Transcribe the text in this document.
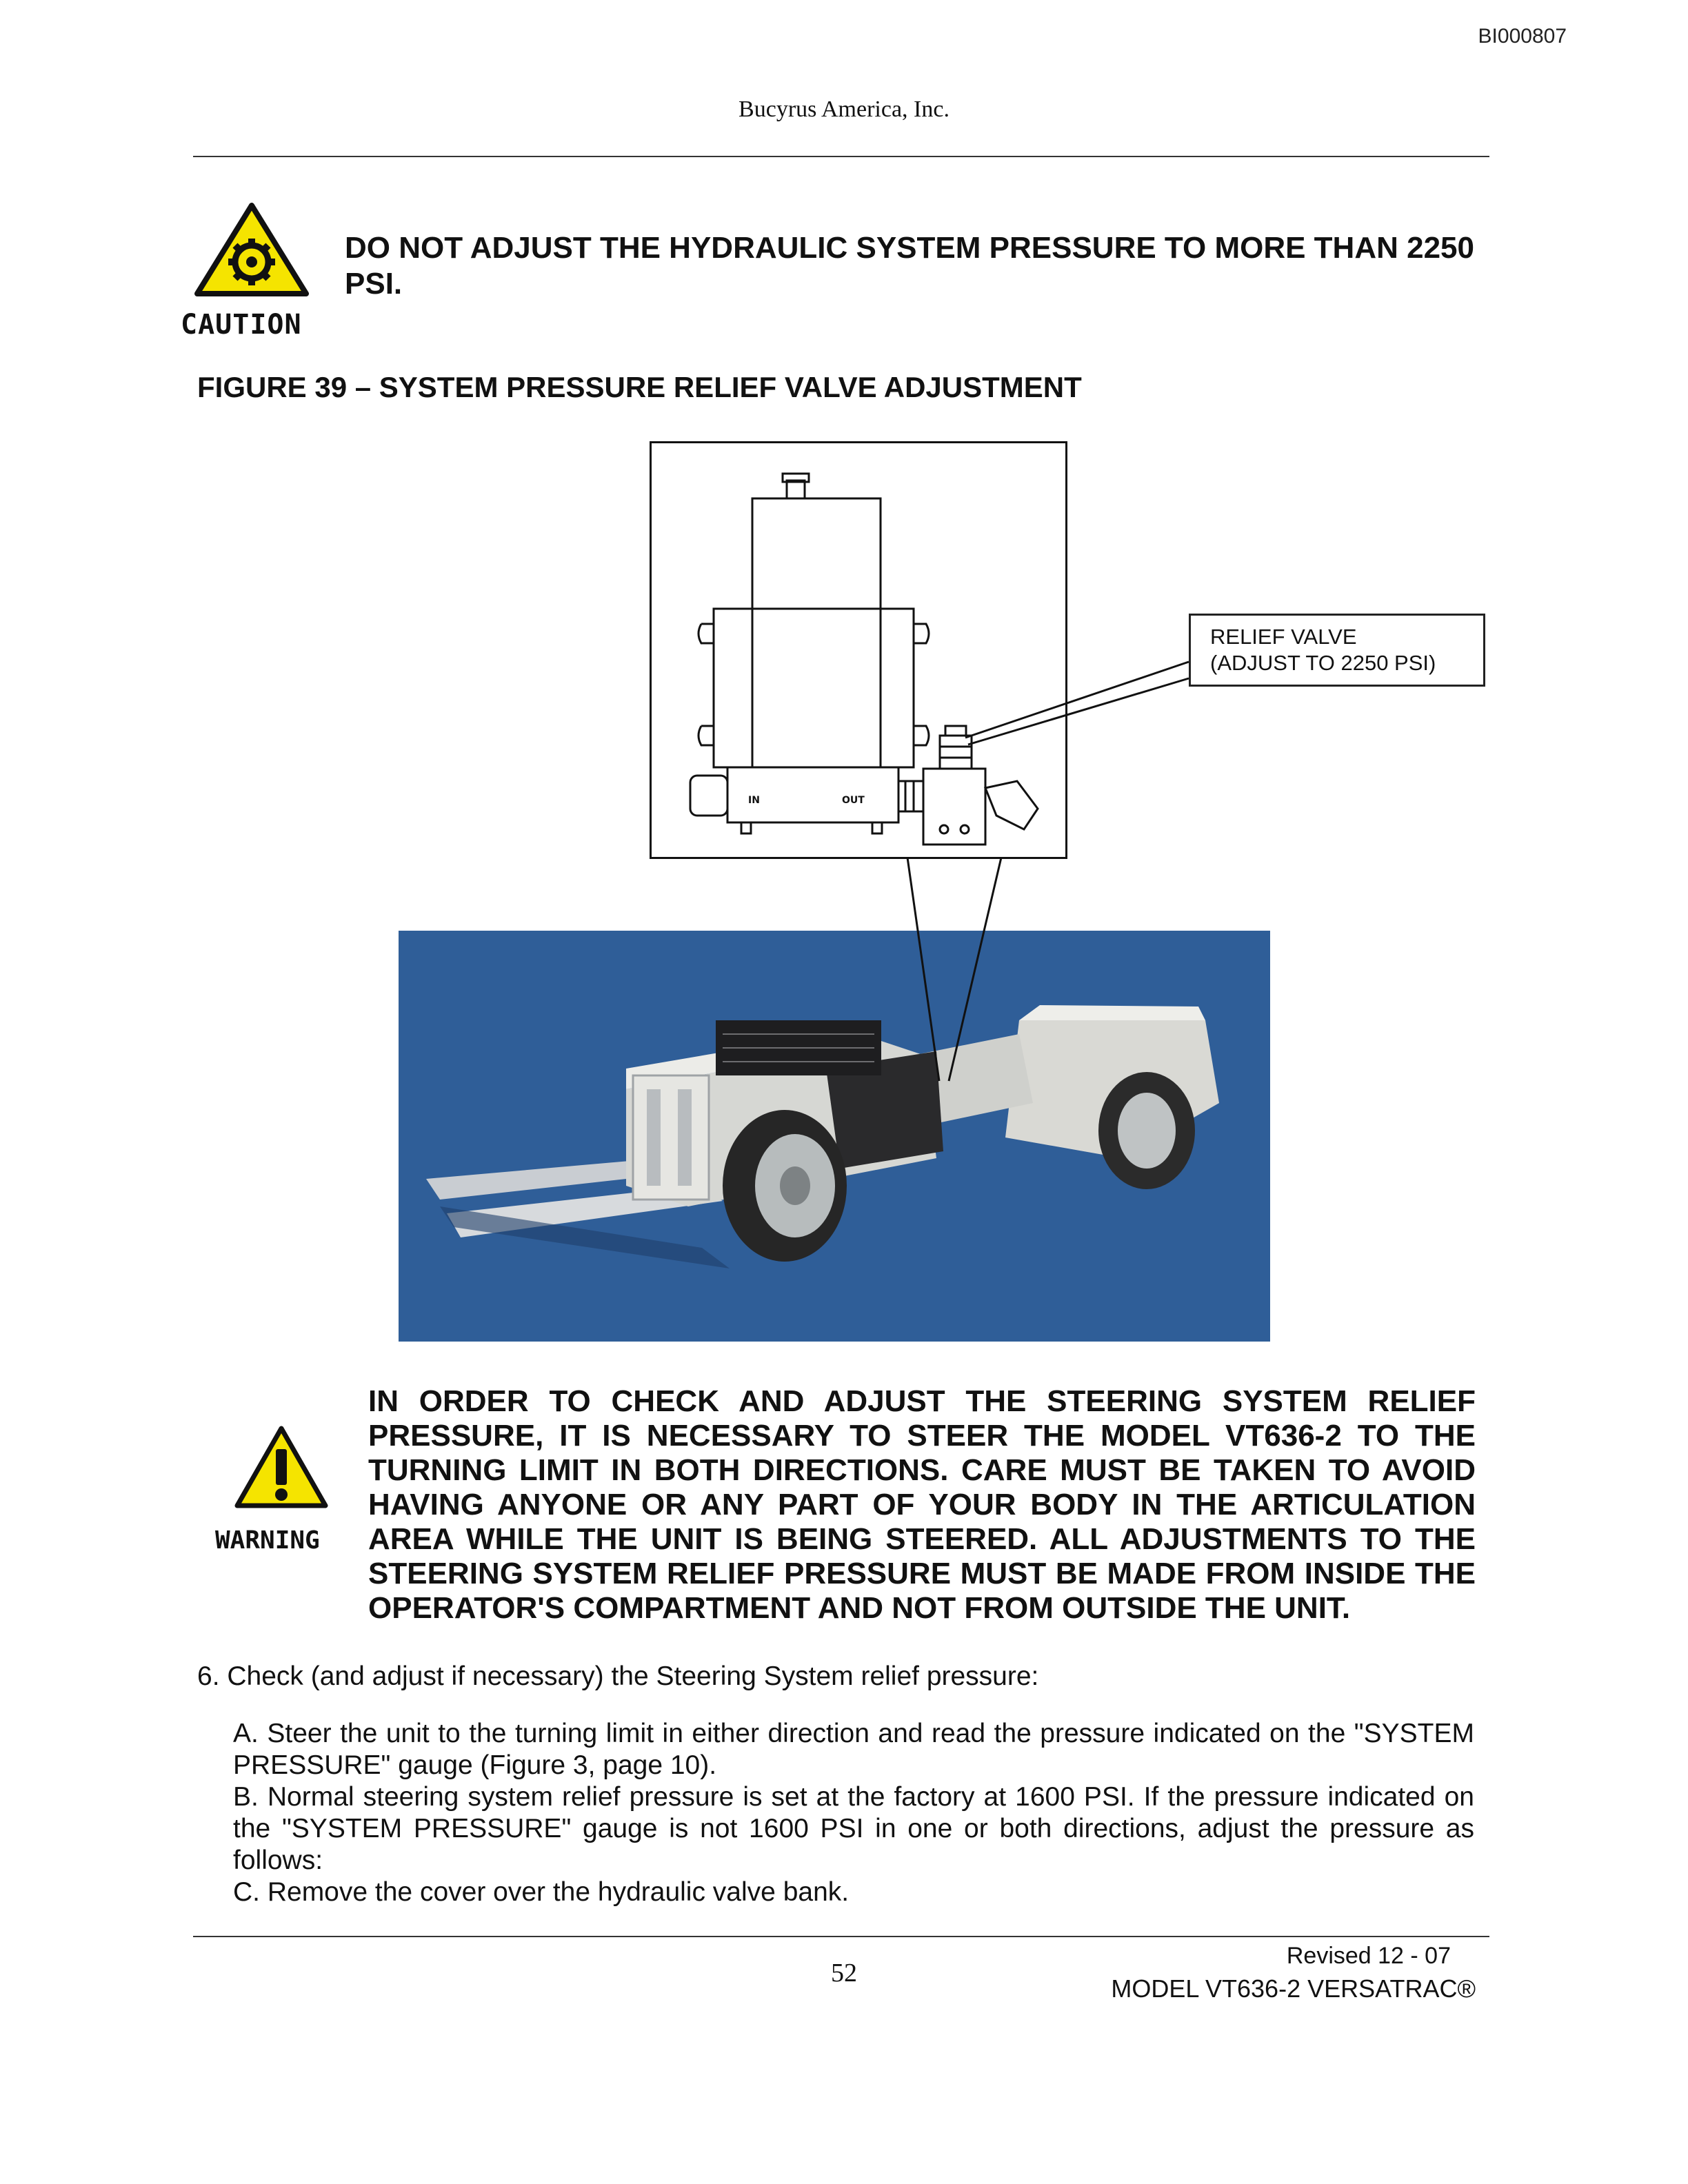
BI000807
Bucyrus America, Inc.
DO NOT ADJUST THE HYDRAULIC SYSTEM PRESSURE TO MORE THAN 2250 PSI.
CAUTION
FIGURE 39 – SYSTEM PRESSURE RELIEF VALVE ADJUSTMENT
IN	OUT
RELIEF VALVE
(ADJUST TO 2250 PSI)
IN ORDER TO CHECK AND ADJUST THE STEERING SYSTEM RELIEF PRESSURE, IT IS NECESSARY TO STEER THE MODEL VT636-2 TO THE TURNING LIMIT IN BOTH DIRECTIONS. CARE MUST BE TAKEN TO AVOID HAVING ANYONE OR ANY PART OF YOUR BODY IN THE ARTICULATION AREA WHILE THE UNIT IS BEING STEERED. ALL ADJUSTMENTS TO THE STEERING SYSTEM RELIEF PRESSURE MUST BE MADE FROM INSIDE THE OPERATOR'S COMPARTMENT AND NOT FROM OUTSIDE THE UNIT.
WARNING
6. Check (and adjust if necessary) the Steering System relief pressure:
A. Steer the unit to the turning limit in either direction and read the pressure indicated on the "SYSTEM PRESSURE" gauge (Figure 3, page 10).
B. Normal steering system relief pressure is set at the factory at 1600 PSI. If the pressure indicated on the "SYSTEM PRESSURE" gauge is not 1600 PSI in one or both directions, adjust the pressure as follows:
C. Remove the cover over the hydraulic valve bank.
52
Revised 12 - 07
MODEL VT636-2 VERSATRAC®
